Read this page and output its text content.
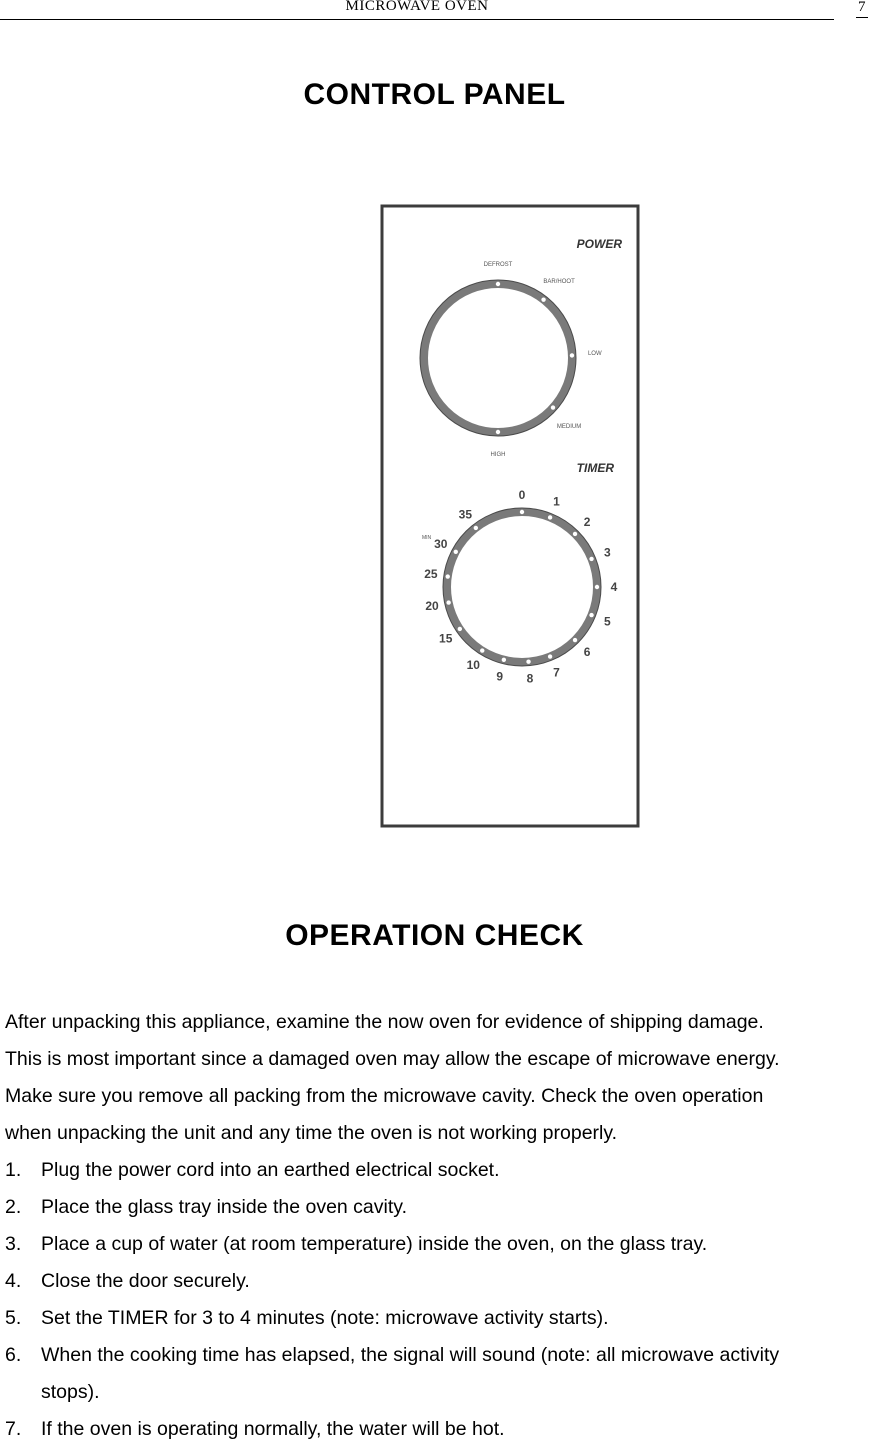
MICROWAVE OVEN	7
CONTROL PANEL
POWER
DEFROST
BAR/HOOT
LOW
MEDIUM
HIGH
TIMER
MIN
0 1
2
3
4
5
6
7
8
9
10
15
20
25
30
35
OPERATION CHECK

After unpacking this appliance, examine the now oven for evidence of shipping damage.

This is most important since a damaged oven may allow the escape of microwave energy.

Make sure you remove all packing from the microwave cavity. Check the oven operation

when unpacking the unit and any time the oven is not working properly.

1. Plug the power cord into an earthed electrical socket.
2. Place the glass tray inside the oven cavity.
3. Place a cup of water (at room temperature) inside the oven, on the glass tray.
4. Close the door securely.
5. Set the TIMER for 3 to 4 minutes (note: microwave activity starts).
6. When the cooking time has elapsed, the signal will sound (note: all microwave activity
stops).
7. If the oven is operating normally, the water will be hot.
